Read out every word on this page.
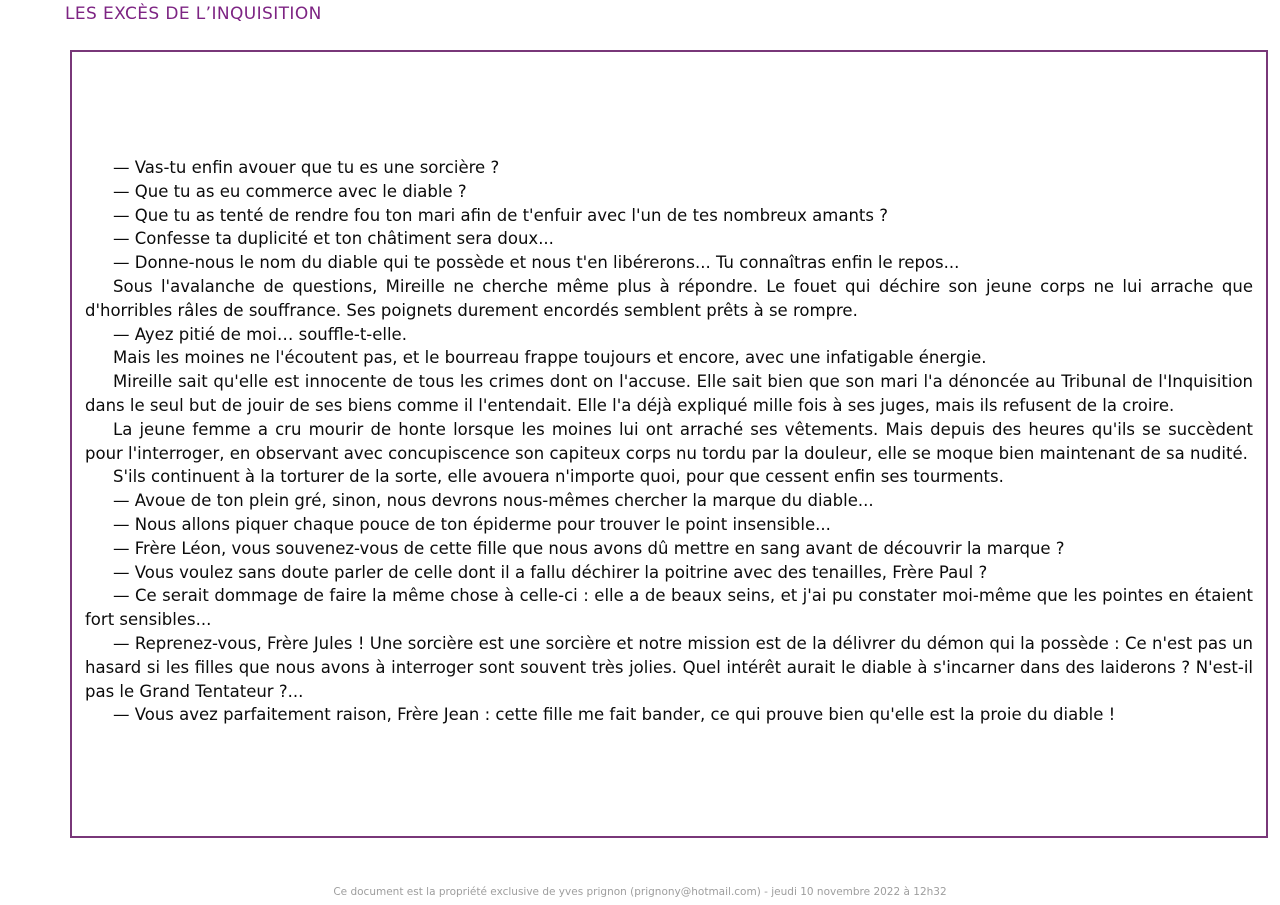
LES EXCÈS DE L’INQUISITION

— Vas-tu enfin avouer que tu es une sorcière ?

— Que tu as eu commerce avec le diable ?

— Que tu as tenté de rendre fou ton mari afin de t'enfuir avec l'un de tes nombreux amants ?

— Confesse ta duplicité et ton châtiment sera doux...

— Donne-nous le nom du diable qui te possède et nous t'en libérerons... Tu connaîtras enfin le repos...

Sous l'avalanche de questions, Mireille ne cherche même plus à répondre. Le fouet qui déchire son jeune corps ne lui arrache que d'horribles râles de souffrance. Ses poignets durement encordés semblent prêts à se rompre.

— Ayez pitié de moi… souffle-t-elle.

Mais les moines ne l'écoutent pas, et le bourreau frappe toujours et encore, avec une infatigable énergie.

Mireille sait qu'elle est innocente de tous les crimes dont on l'accuse. Elle sait bien que son mari l'a dénoncée au Tribunal de l'Inquisition dans le seul but de jouir de ses biens comme il l'entendait. Elle l'a déjà expliqué mille fois à ses juges, mais ils refusent de la croire.

La jeune femme a cru mourir de honte lorsque les moines lui ont arraché ses vêtements. Mais depuis des heures qu'ils se succèdent pour l'interroger, en observant avec concupiscence son capiteux corps nu tordu par la douleur, elle se moque bien maintenant de sa nudité.

S'ils continuent à la torturer de la sorte, elle avouera n'importe quoi, pour que cessent enfin ses tourments.

— Avoue de ton plein gré, sinon, nous devrons nous-mêmes chercher la marque du diable...

— Nous allons piquer chaque pouce de ton épiderme pour trouver le point insensible...

— Frère Léon, vous souvenez-vous de cette fille que nous avons dû mettre en sang avant de découvrir la marque ?

— Vous voulez sans doute parler de celle dont il a fallu déchirer la poitrine avec des tenailles, Frère Paul ?

— Ce serait dommage de faire la même chose à celle-ci : elle a de beaux seins, et j'ai pu constater moi-même que les pointes en étaient fort sensibles...

— Reprenez-vous, Frère Jules ! Une sorcière est une sorcière et notre mission est de la délivrer du démon qui la possède : Ce n'est pas un hasard si les filles que nous avons à interroger sont souvent très jolies. Quel intérêt aurait le diable à s'incarner dans des laiderons ? N'est-il pas le Grand Tentateur ?...

— Vous avez parfaitement raison, Frère Jean : cette fille me fait bander, ce qui prouve bien qu'elle est la proie du diable !

Ce document est la propriété exclusive de yves prignon (prignony@hotmail.com) - jeudi 10 novembre 2022 à 12h32
